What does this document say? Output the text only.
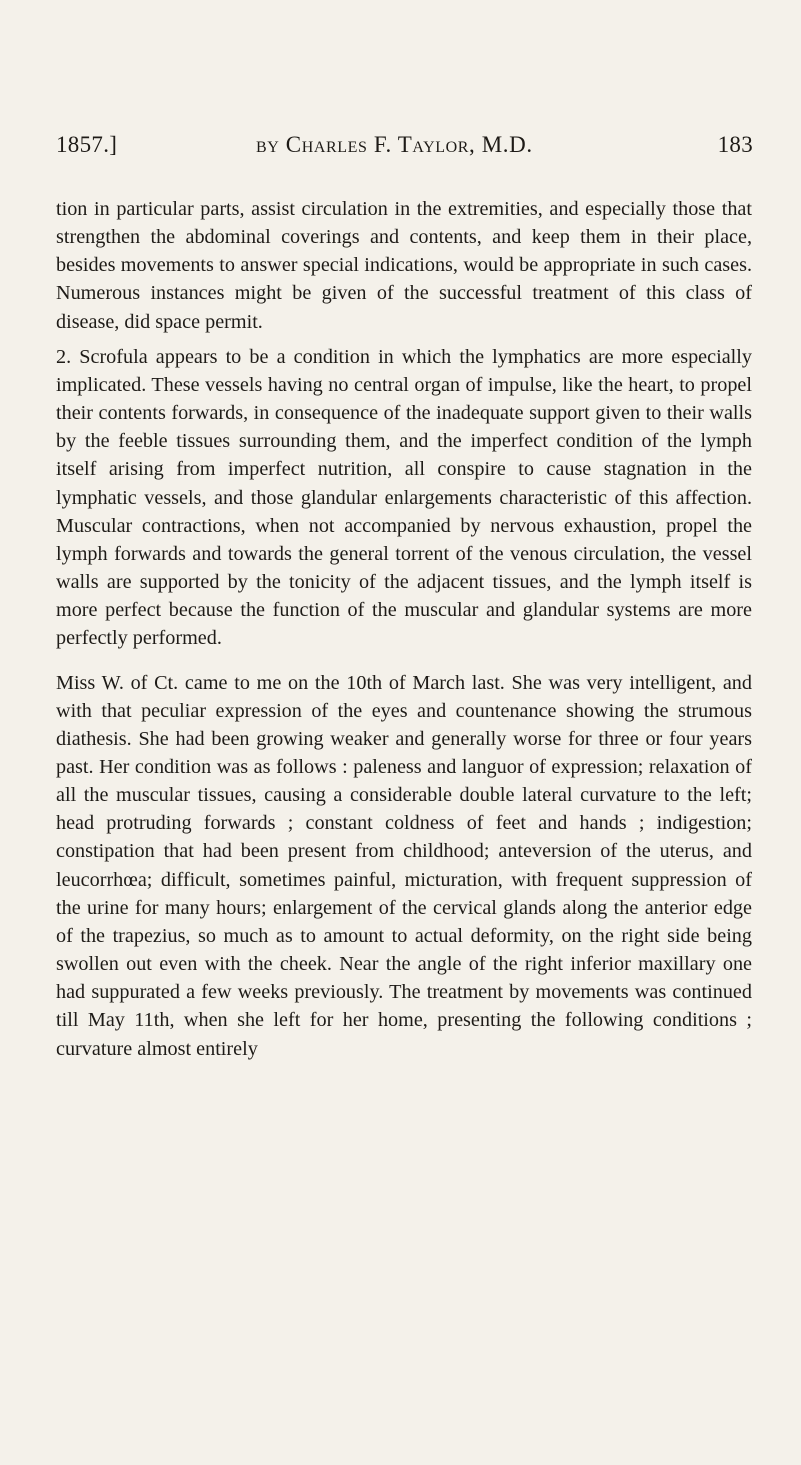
1857.]	by Charles F. Taylor, M.D.	183

tion in particular parts, assist circulation in the extremities, and especially those that strengthen the abdominal coverings and contents, and keep them in their place, besides movements to answer special indications, would be appropriate in such cases. Numerous instances might be given of the successful treatment of this class of disease, did space permit.

2. Scrofula appears to be a condition in which the lymphatics are more especially implicated. These vessels having no central organ of impulse, like the heart, to propel their contents forwards, in consequence of the inadequate support given to their walls by the feeble tissues surrounding them, and the imperfect condition of the lymph itself arising from imperfect nutrition, all conspire to cause stagnation in the lymphatic vessels, and those glandular enlargements characteristic of this affection. Muscular contractions, when not accompanied by nervous exhaustion, propel the lymph forwards and towards the general torrent of the venous circulation, the vessel walls are supported by the tonicity of the adjacent tissues, and the lymph itself is more perfect because the function of the muscular and glandular systems are more perfectly performed.

Miss W. of Ct. came to me on the 10th of March last. She was very intelligent, and with that peculiar expression of the eyes and countenance showing the strumous diathesis. She had been growing weaker and generally worse for three or four years past. Her condition was as follows : paleness and languor of expression; relaxation of all the muscular tissues, causing a considerable double lateral curvature to the left; head protruding forwards ; constant coldness of feet and hands ; indigestion; constipation that had been present from childhood; anteversion of the uterus, and leucorrhœa; difficult, sometimes painful, micturation, with frequent suppression of the urine for many hours; enlargement of the cervical glands along the anterior edge of the trapezius, so much as to amount to actual deformity, on the right side being swollen out even with the cheek. Near the angle of the right inferior maxillary one had suppurated a few weeks previously. The treatment by movements was continued till May 11th, when she left for her home, presenting the following conditions ; curvature almost entirely
